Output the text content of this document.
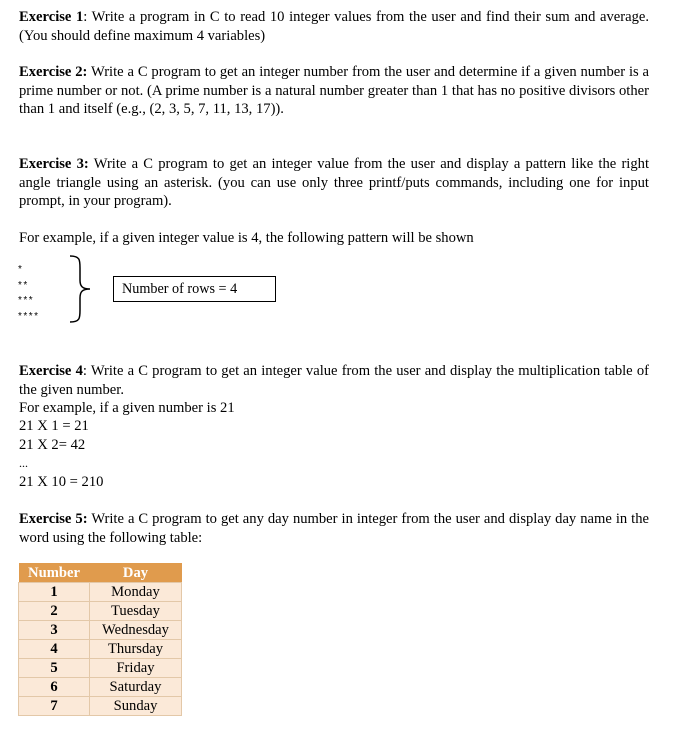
Exercise 1: Write a program in C to read 10 integer values from the user and find their sum and average. (You should define maximum 4 variables)

Exercise 2: Write a C program to get an integer number from the user and determine if a given number is a prime number or not. (A prime number is a natural number greater than 1 that has no positive divisors other than 1 and itself (e.g., (2, 3, 5, 7, 11, 13, 17)).

Exercise 3: Write a C program to get an integer value from the user and display a pattern like the right angle triangle using an asterisk. (you can use only three printf/puts commands, including one for input prompt, in your program).

For example, if a given integer value is 4, the following pattern will be shown

*
**
***
****
Number of rows = 4

Exercise 4: Write a C program to get an integer value from the user and display the multiplication table of the given number.

For example, if a given number is 21

21 X 1 = 21

21 X 2= 42

...

21 X 10 = 210

Exercise 5: Write a C program to get any day number in integer from the user and display day name in the word using the following table:

Number	Day
1	Monday
2	Tuesday
3	Wednesday
4	Thursday
5	Friday
6	Saturday
7	Sunday
